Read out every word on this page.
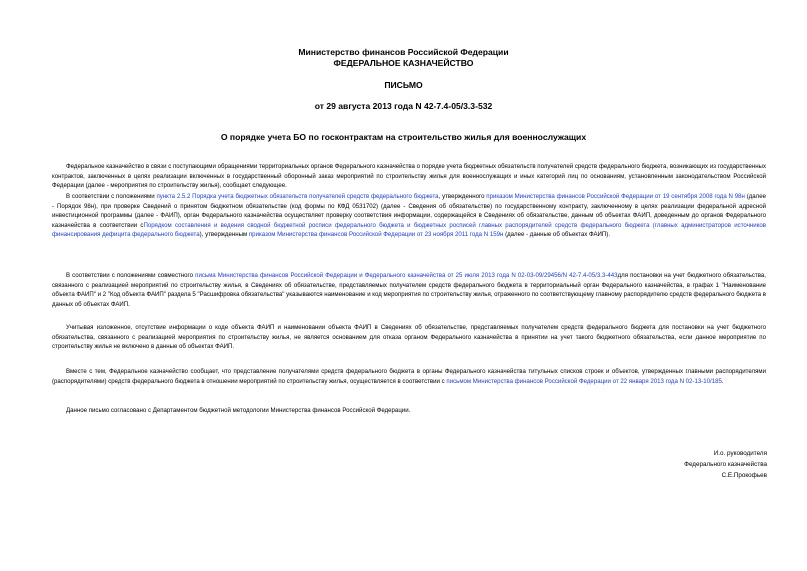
Министерство финансов Российской Федерации
ФЕДЕРАЛЬНОЕ КАЗНАЧЕЙСТВО
ПИСЬМО
от 29 августа 2013 года N 42-7.4-05/3.3-532
О порядке учета БО по госконтрактам на строительство жилья для военнослужащих

Федеральное казначейство в связи с поступающими обращениями территориальных органов Федерального казначейства о порядке учета бюджетных обязательств получателей средств федерального бюджета, возникающих из государственных контрактов, заключенных в целях реализации включенных в государственный оборонный заказ мероприятий по строительству жилья для военнослужащих и иных категорий лиц по основаниям, установленным законодательством Российской Федерации (далее - мероприятия по строительству жилья), сообщает следующее.

В соответствии с положениями пункта 2.5.2 Порядка учета бюджетных обязательств получателей средств федерального бюджета, утвержденного приказом Министерства финансов Российской Федерации от 19 сентября 2008 года N 98н (далее - Порядок 98н), при проверке Сведений о принятом бюджетном обязательстве (код формы по КФД 0531702) (далее - Сведения об обязательстве) по государственному контракту, заключенному в целях реализации федеральной адресной инвестиционной программы (далее - ФАИП), орган Федерального казначейства осуществляет проверку соответствия информации, содержащейся в Сведениях об обязательстве, данным об объектах ФАИП, доведенным до органов Федерального казначейства в соответствии сПорядком составления и ведения сводной бюджетной росписи федерального бюджета и бюджетных росписей главных распорядителей средств федерального бюджета (главных администраторов источников финансирования дефицита федерального бюджета), утвержденным приказом Министерства финансов Российской Федерации от 23 ноября 2011 года N 159н (далее - данные об объектах ФАИП).

В соответствии с положениями совместного письма Министерства финансов Российской Федерации и Федерального казначейства от 25 июля 2013 года N 02-03-09/29456/N 42-7.4-05/3.3-443для постановки на учет бюджетного обязательства, связанного с реализацией мероприятий по строительству жилья, в Сведениях об обязательстве, представляемых получателем средств федерального бюджета в территориальный орган Федерального казначейства, в графах 1 "Наименование объекта ФАИП" и 2 "Код объекта ФАИП" раздела 5 "Расшифровка обязательства" указываются наименование и код мероприятия по строительству жилья, отраженного по соответствующему главному распорядителю средств федерального бюджета в данных об объектах ФАИП.

Учитывая изложенное, отсутствие информации о коде объекта ФАИП и наименовании объекта ФАИП в Сведениях об обязательстве, представляемых получателем средств федерального бюджета для постановки на учет бюджетного обязательства, связанного с реализацией мероприятия по строительству жилья, не является основанием для отказа органом Федерального казначейства в принятии на учет такого бюджетного обязательства, если данное мероприятие по строительству жилья не включено в данные об объектах ФАИП.

Вместе с тем, Федеральное казначейство сообщает, что представление получателями средств федерального бюджета в органы Федерального казначейства титульных списков строек и объектов, утвержденных главными распорядителями (распорядителями) средств федерального бюджета в отношении мероприятий по строительству жилья, осуществляется в соответствии с письмом Министерства финансов Российской Федерации от 22 января 2013 года N 02-13-10/185.

Данное письмо согласовано с Департаментом бюджетной методологии Министерства финансов Российской Федерации.

И.о. руководителя
Федерального казначейства
С.Е.Прокофьев
